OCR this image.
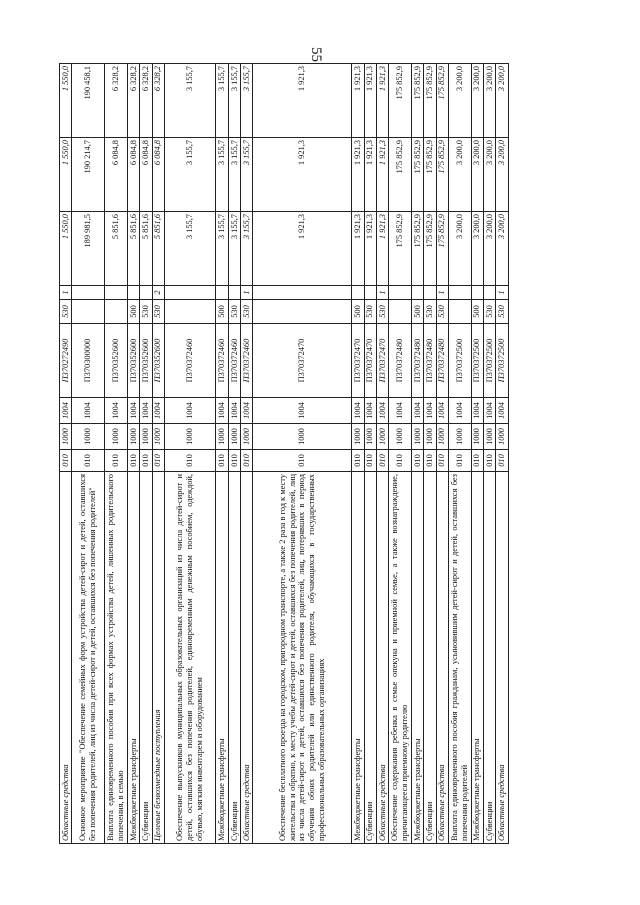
55
Областные средства	010	1000	1004	П370272490	530	1	1 550,0	1 550,0	1 550,0
Основное мероприятие "Обеспечение семейных форм устройства детей-сирот и детей, оставшихся без попечения родителей, лиц из числа детей-сирот и детей, оставшихся без попечения родителей"	010	1000	1004	П370300000			189 981,5	190 214,7	190 458,1
Выплата единовременного пособия при всех формах устройства детей, лишенных родительского попечения, в семью	010	1000	1004	П370352600			5 851,6	6 084,8	6 328,2
Межбюджетные трансферты	010	1000	1004	П370352600	500		5 851,6	6 084,8	6 328,2
Субвенции	010	1000	1004	П370352600	530		5 851,6	6 084,8	6 328,2
Целевые безвозмездные поступления	010	1000	1004	П370352600	530	2	5 851,6	6 084,8	6 328,2
Обеспечение выпускников муниципальных образовательных организаций из числа детей-сирот и детей, оставшихся без попечения родителей, единовременным денежным пособием, одеждой, обувью, мягким инвентарем и оборудованием	010	1000	1004	П370372460			3 155,7	3 155,7	3 155,7
Межбюджетные трансферты	010	1000	1004	П370372460	500		3 155,7	3 155,7	3 155,7
Субвенции	010	1000	1004	П370372460	530		3 155,7	3 155,7	3 155,7
Областные средства	010	1000	1004	П370372460	530	1	3 155,7	3 155,7	3 155,7
Обеспечение бесплатного проезда на городском, пригородном транспорте, а также 2 раза в год к месту жительства и обратно, к месту учебы детей-сирот и детей, оставшихся без попечения родителей, лиц из числа детей-сирот и детей, оставшихся без попечения родителей, лиц, потерявших в период обучения обоих родителей или единственного родителя, обучающихся в государственных профессиональных образовательных организациях	010	1000	1004	П370372470			1 921,3	1 921,3	1 921,3
Межбюджетные трансферты	010	1000	1004	П370372470	500		1 921,3	1 921,3	1 921,3
Субвенции	010	1000	1004	П370372470	530		1 921,3	1 921,3	1 921,3
Областные средства	010	1000	1004	П370372470	530	1	1 921,3	1 921,3	1 921,3
Обеспечение содержания ребенка в семье опекуна и приемной семье, а также вознаграждение, причитающееся приемному родителю	010	1000	1004	П370372480			175 852,9	175 852,9	175 852,9
Межбюджетные трансферты	010	1000	1004	П370372480	500		175 852,9	175 852,9	175 852,9
Субвенции	010	1000	1004	П370372480	530		175 852,9	175 852,9	175 852,9
Областные средства	010	1000	1004	П370372480	530	1	175 852,9	175 852,9	175 852,9
Выплата единовременного пособия гражданам, усыновившим детей-сирот и детей, оставшихся без попечения родителей	010	1000	1004	П370372500			3 200,0	3 200,0	3 200,0
Межбюджетные трансферты	010	1000	1004	П370372500	500		3 200,0	3 200,0	3 200,0
Субвенции	010	1000	1004	П370372500	530		3 200,0	3 200,0	3 200,0
Областные средства	010	1000	1004	П370372500	530	1	3 200,0	3 200,0	3 200,0
